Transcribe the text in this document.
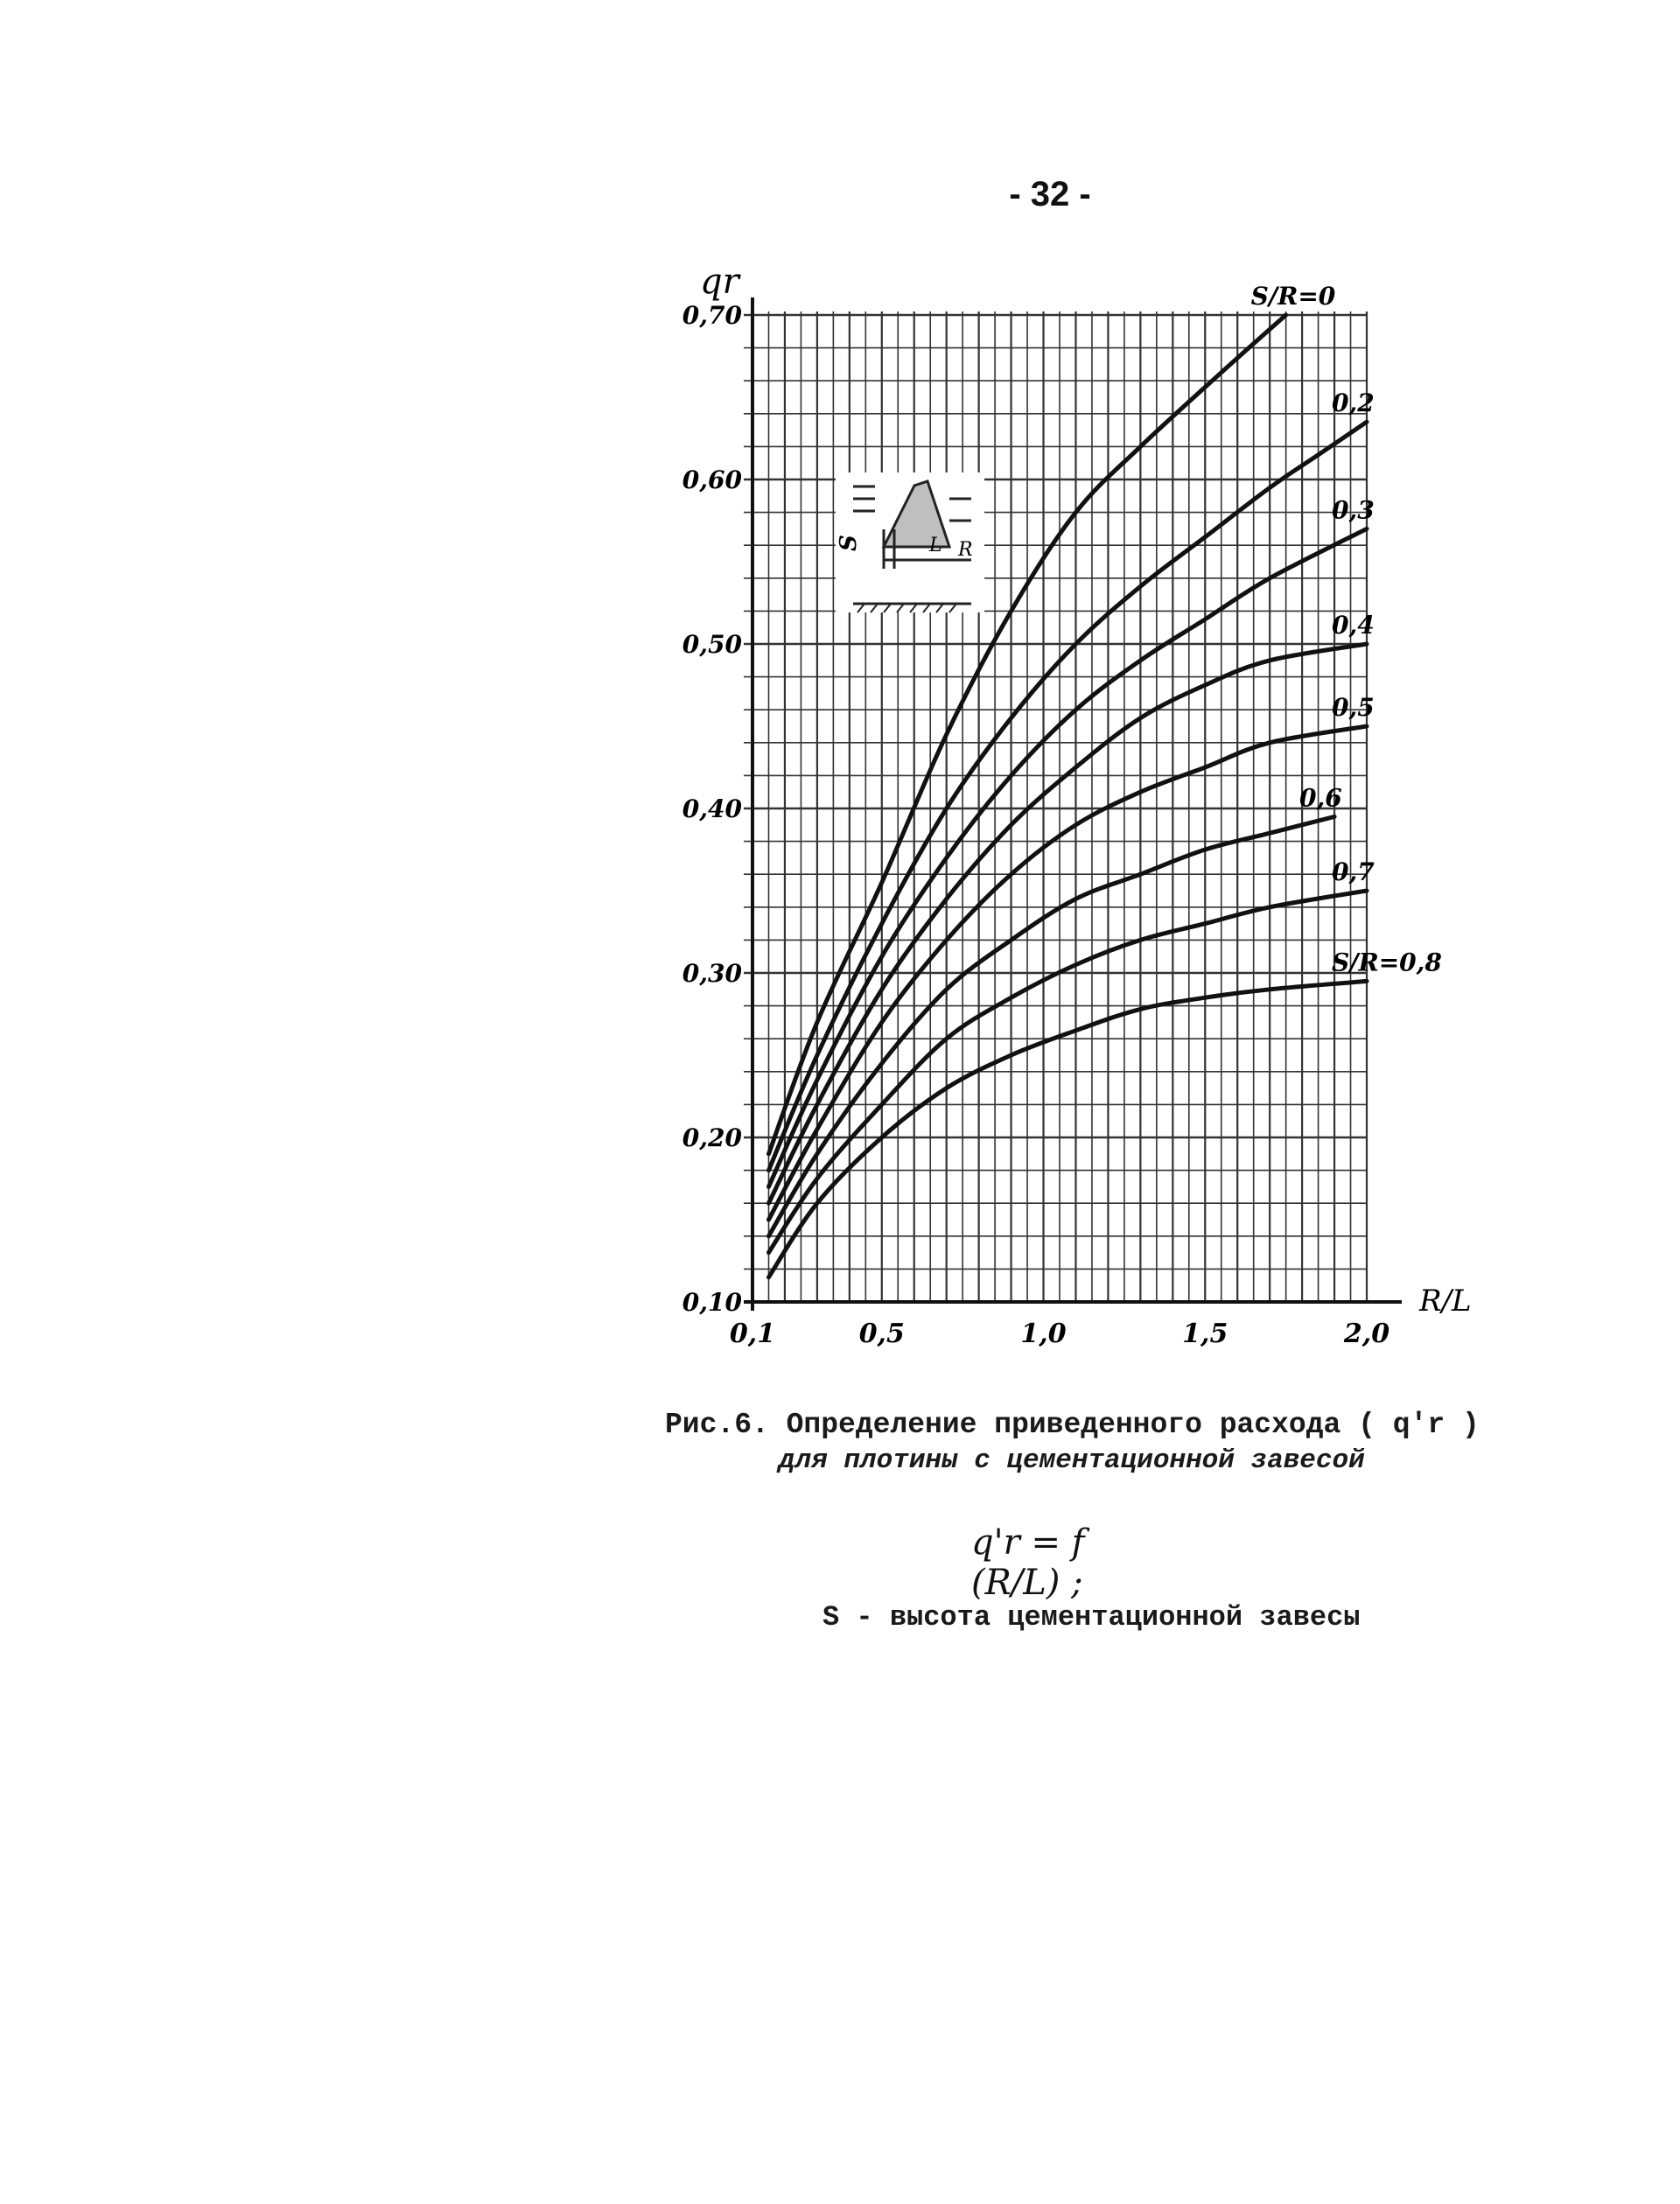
- 32 -
S	L R
0,10
0,20
0,30
0,40
0,50
0,60
0,70
0,1	0,5	1,0	1,5	2,0
qr
R/L
S/R=0
0,2
0,3
0,4
0,5
0,6
0,7
S/R=0,8
Рис.6. Определение приведенного расхода ( q'r )
для плотины с цементационной завесой
q'r = f (R/L) ;
S - высота цементационной завесы
